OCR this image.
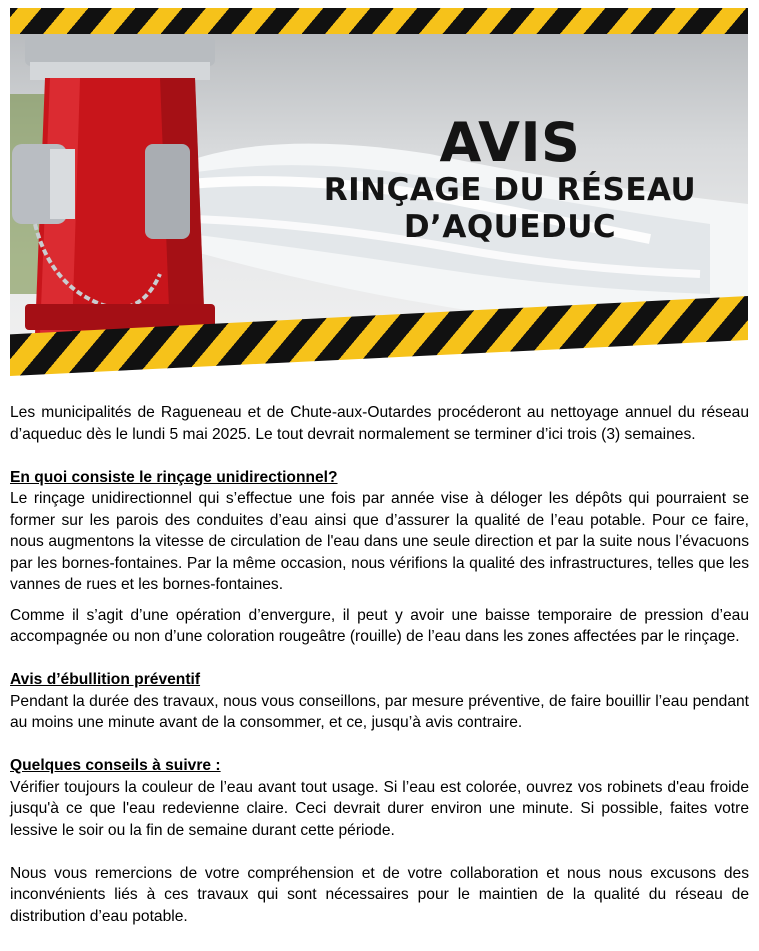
AVIS
RINÇAGE DU RÉSEAU
D’AQUEDUC

Les municipalités de Ragueneau et de Chute-aux-Outardes procéderont au nettoyage annuel du réseau d’aqueduc dès le lundi 5 mai 2025. Le tout devrait normalement se terminer d’ici trois (3) semaines.

En quoi consiste le rinçage unidirectionnel?

Le rinçage unidirectionnel qui s’effectue une fois par année vise à déloger les dépôts qui pourraient se former sur les parois des conduites d’eau ainsi que d’assurer la qualité de l’eau potable. Pour ce faire, nous augmentons la vitesse de circulation de l'eau dans une seule direction et par la suite nous l’évacuons par les bornes-fontaines. Par la même occasion, nous vérifions la qualité des infrastructures, telles que les vannes de rues et les bornes-fontaines.

Comme il s’agit d’une opération d’envergure, il peut y avoir une baisse temporaire de pression d’eau accompagnée ou non d’une coloration rougeâtre (rouille) de l’eau dans les zones affectées par le rinçage.

Avis d’ébullition préventif

Pendant la durée des travaux, nous vous conseillons, par mesure préventive, de faire bouillir l’eau pendant au moins une minute avant de la consommer, et ce, jusqu’à avis contraire.

Quelques conseils à suivre :

Vérifier toujours la couleur de l’eau avant tout usage. Si l’eau est colorée, ouvrez vos robinets d'eau froide jusqu'à ce que l'eau redevienne claire. Ceci devrait durer environ une minute. Si possible, faites votre lessive le soir ou la fin de semaine durant cette période.

Nous vous remercions de votre compréhension et de votre collaboration et nous nous excusons des inconvénients liés à ces travaux qui sont nécessaires pour le maintien de la qualité du réseau de distribution d’eau potable.
